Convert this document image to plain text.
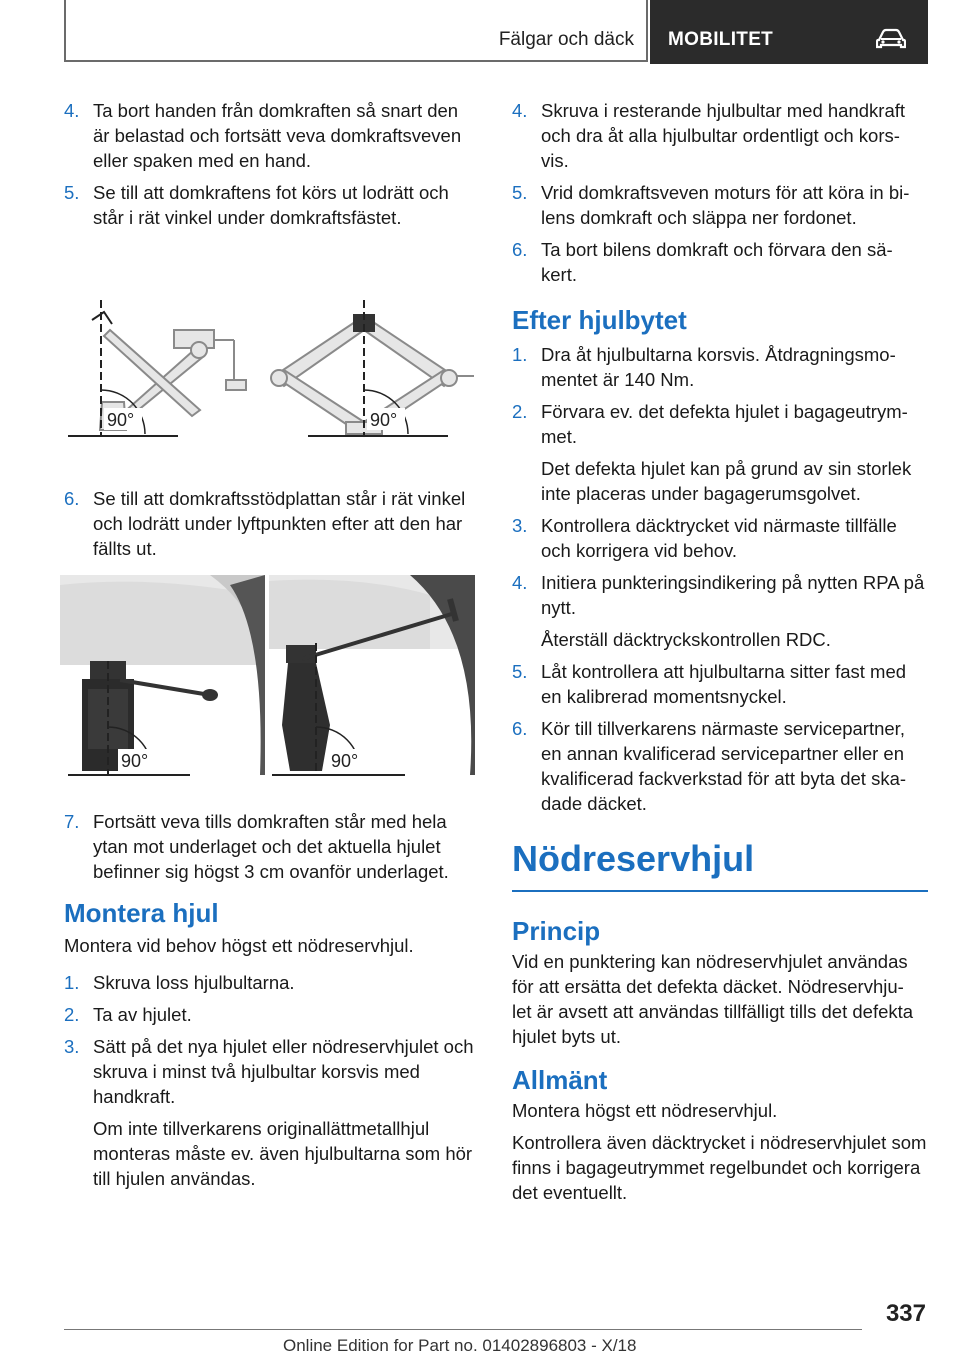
Fälgar och däck MOBILITET
4. Ta bort handen från domkraften så snart den är belastad och fortsätt veva domkraftsveven eller spaken med en hand.
5. Se till att domkraftens fot körs ut lodrätt och står i rät vinkel under domkraftsfästet.
90°	90°
6. Se till att domkraftsstödplattan står i rät vinkel och lodrätt under lyftpunkten efter att den har fällts ut.
90°	90°
7. Fortsätt veva tills domkraften står med hela ytan mot underlaget och det aktuella hjulet befinner sig högst 3 cm ovanför underlaget.
Montera hjul
Montera vid behov högst ett nödreservhjul.
1. Skruva loss hjulbultarna.
2. Ta av hjulet.
3. Sätt på det nya hjulet eller nödreservhjulet och skruva i minst två hjulbultar korsvis med handkraft.
Om inte tillverkarens originallättmetallhjul monteras måste ev. även hjulbultarna som hör till hjulen användas.
4. Skruva i resterande hjulbultar med handkraft och dra åt alla hjulbultar ordentligt och kors- vis.
5. Vrid domkraftsveven moturs för att köra in bi- lens domkraft och släppa ner fordonet.
6. Ta bort bilens domkraft och förvara den sä- kert.
Efter hjulbytet
1. Dra åt hjulbultarna korsvis. Åtdragningsmo- mentet är 140 Nm.
2. Förvara ev. det defekta hjulet i bagageutrym- met.
Det defekta hjulet kan på grund av sin storlek inte placeras under bagagerumsgolvet.
3. Kontrollera däcktrycket vid närmaste tillfälle och korrigera vid behov.
4. Initiera punkteringsindikering på nytten RPA på nytt.
Återställ däcktryckskontrollen RDC.
5. Låt kontrollera att hjulbultarna sitter fast med en kalibrerad momentsnyckel.
6. Kör till tillverkarens närmaste servicepartner, en annan kvalificerad servicepartner eller en kvalificerad fackverkstad för att byta det ska- dade däcket.
Nödreservhjul
Princip
Vid en punktering kan nödreservhjulet användas för att ersätta det defekta däcket. Nödreservhju- let är avsett att användas tillfälligt tills det defekta hjulet byts ut.
Allmänt
Montera högst ett nödreservhjul.
Kontrollera även däcktrycket i nödreservhjulet som finns i bagageutrymmet regelbundet och korrigera det eventuellt.
337
Online Edition for Part no. 01402896803 - X/18
